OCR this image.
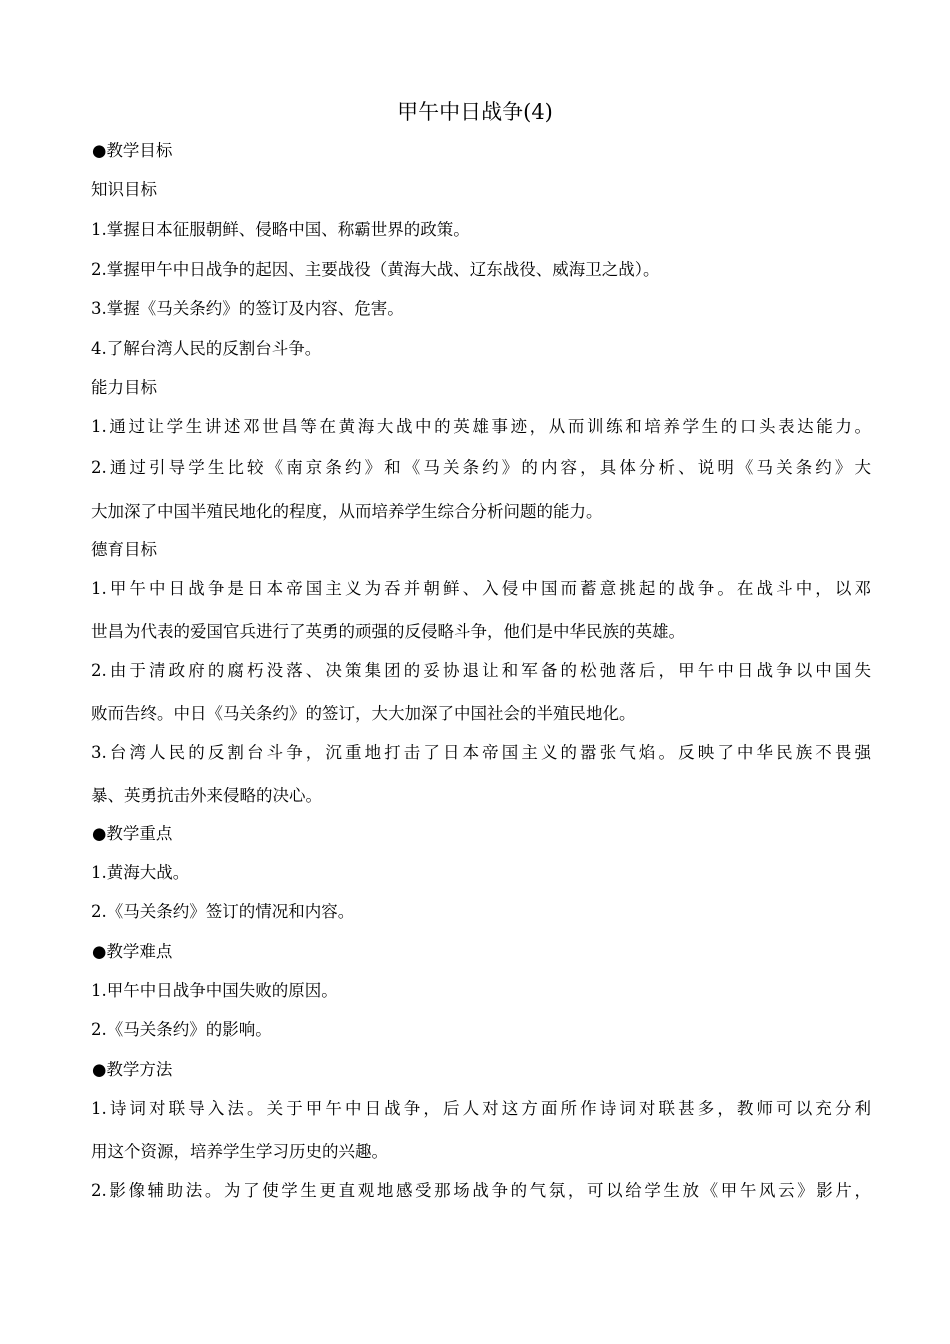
甲午中日战争(4)
●教学目标
知识目标
1.掌握日本征服朝鲜、侵略中国、称霸世界的政策。
2.掌握甲午中日战争的起因、主要战役（黄海大战、辽东战役、威海卫之战）。
3.掌握《马关条约》的签订及内容、危害。
4.了解台湾人民的反割台斗争。
能力目标
1.通过让学生讲述邓世昌等在黄海大战中的英雄事迹，从而训练和培养学生的口头表达能力。
2.通过引导学生比较《南京条约》和《马关条约》的内容，具体分析、说明《马关条约》大
大加深了中国半殖民地化的程度，从而培养学生综合分析问题的能力。
德育目标
1.甲午中日战争是日本帝国主义为吞并朝鲜、入侵中国而蓄意挑起的战争。在战斗中，以邓
世昌为代表的爱国官兵进行了英勇的顽强的反侵略斗争，他们是中华民族的英雄。
2.由于清政府的腐朽没落、决策集团的妥协退让和军备的松弛落后，甲午中日战争以中国失
败而告终。中日《马关条约》的签订，大大加深了中国社会的半殖民地化。
3.台湾人民的反割台斗争，沉重地打击了日本帝国主义的嚣张气焰。反映了中华民族不畏强
暴、英勇抗击外来侵略的决心。
●教学重点
1.黄海大战。
2.《马关条约》签订的情况和内容。
●教学难点
1.甲午中日战争中国失败的原因。
2.《马关条约》的影响。
●教学方法
1.诗词对联导入法。关于甲午中日战争，后人对这方面所作诗词对联甚多，教师可以充分利
用这个资源，培养学生学习历史的兴趣。
2.影像辅助法。为了使学生更直观地感受那场战争的气氛，可以给学生放《甲午风云》影片，
